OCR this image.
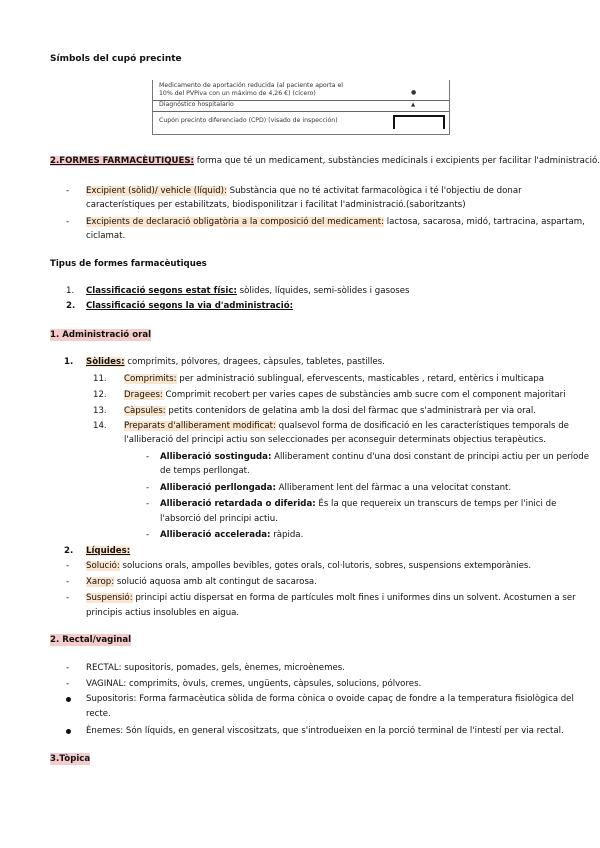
Símbols del cupó precinte
Medicamento de aportación reducida (al paciente aporta el
10% del PVPiva con un máximo de 4,26 €) (cícero)	●
Diagnóstico hospitalario	▲
Cupón precinto diferenciado (CPD) (visado de inspección)
2.FORMES FARMACÈUTIQUES: forma que té un medicament, substàncies medicinals i excipients per facilitar l'administració.
- Excipient (sòlid)/ vehicle (líquid): Substància que no té activitat farmacològica i té l'objectiu de donar
característiques per estabilitzats, biodisponilitzar i facilitat l'administració.(saboritzants)
- Excipients de declaració obligatòria a la composició del medicament: lactosa, sacarosa, midó, tartracina, aspartam,
ciclamat.
Tipus de formes farmacèutiques
1. Classificació segons estat físic: sòlides, líquides, semi-sòlides i gasoses
2. Classificació segons la via d'administració:
1. Administració oral
1. Sòlides: comprimits, pólvores, dragees, càpsules, tabletes, pastilles.
11. Comprimits: per administració sublingual, efervescents, masticables , retard, entèrics i multicapa
12. Dragees: Comprimit recobert per varies capes de substàncies amb sucre com el component majoritari
13. Càpsules: petits contenidors de gelatina amb la dosi del fàrmac que s'administrarà per via oral.
14. Preparats d'alliberament modificat: qualsevol forma de dosificació en les característiques temporals de
l'alliberació del principi actiu son seleccionades per aconseguir determinats objectius terapèutics.
- Alliberació sostinguda: Alliberament continu d'una dosi constant de principi actiu per un període
de temps perllongat.
- Alliberació perllongada: Alliberament lent del fàrmac a una velocitat constant.
- Alliberació retardada o diferida: És la que requereix un transcurs de temps per l'inici de
l'absorció del principi actiu.
- Alliberació accelerada: ràpida.
2. Líquides:
- Solució: solucions orals, ampolles bevibles, gotes orals, col·lutoris, sobres, suspensions extemporànies.
- Xarop: solució aquosa amb alt contingut de sacarosa.
- Suspensió: principi actiu dispersat en forma de partícules molt fines i uniformes dins un solvent. Acostumen a ser
principis actius insolubles en aigua.
2. Rectal/vaginal
- RECTAL: supositoris, pomades, gels, ènemes, microènemes.
- VAGINAL: comprimits, òvuls, cremes, ungüents, càpsules, solucions, pólvores.
Supositoris: Forma farmacèutica sòlida de forma cònica o ovoide capaç de fondre a la temperatura fisiològica del
recte.
Ènemes: Són líquids, en general viscositzats, que s'introdueixen en la porció terminal de l'intestí per via rectal.
3.Tòpica
